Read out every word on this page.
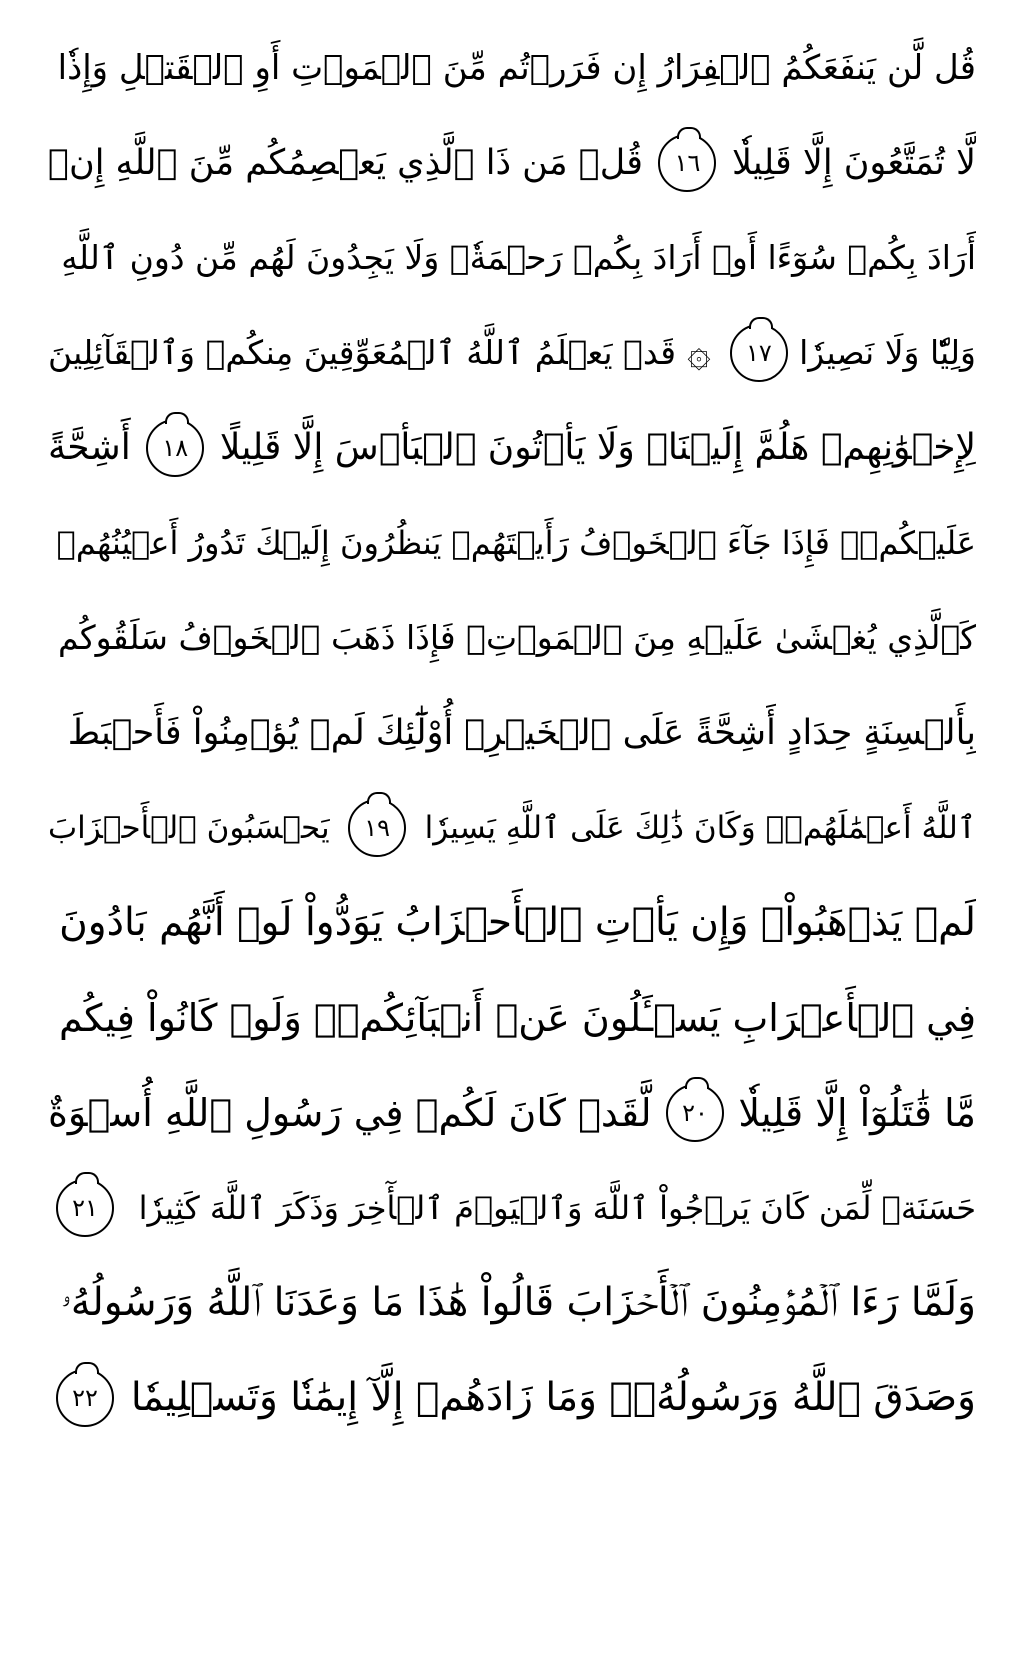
قُل لَّن يَنفَعَكُمُ ٱلۡفِرَارُ إِن فَرَرۡتُم مِّنَ ٱلۡمَوۡتِ أَوِ ٱلۡقَتۡلِ وَإِذٗا
لَّا تُمَتَّعُونَ إِلَّا قَلِيلٗا
١٦
قُلۡ مَن ذَا ٱلَّذِي يَعۡصِمُكُم مِّنَ ٱللَّهِ إِنۡ
أَرَادَ بِكُمۡ سُوٓءًا أَوۡ أَرَادَ بِكُمۡ رَحۡمَةٗۚ وَلَا يَجِدُونَ لَهُم مِّن دُونِ ٱللَّهِ
وَلِيّٗا وَلَا نَصِيرٗا
١٧
۞
قَدۡ يَعۡلَمُ ٱللَّهُ ٱلۡمُعَوِّقِينَ مِنكُمۡ وَٱلۡقَآئِلِينَ
لِإِخۡوَٰنِهِمۡ هَلُمَّ إِلَيۡنَاۖ وَلَا يَأۡتُونَ ٱلۡبَأۡسَ إِلَّا قَلِيلًا
١٨
أَشِحَّةً
عَلَيۡكُمۡۖ فَإِذَا جَآءَ ٱلۡخَوۡفُ رَأَيۡتَهُمۡ يَنظُرُونَ إِلَيۡكَ تَدُورُ أَعۡيُنُهُمۡ
كَٱلَّذِي يُغۡشَىٰ عَلَيۡهِ مِنَ ٱلۡمَوۡتِۖ فَإِذَا ذَهَبَ ٱلۡخَوۡفُ سَلَقُوكُم
بِأَلۡسِنَةٍ حِدَادٍ أَشِحَّةً عَلَى ٱلۡخَيۡرِۚ أُوْلَٰٓئِكَ لَمۡ يُؤۡمِنُواْ فَأَحۡبَطَ
ٱللَّهُ أَعۡمَٰلَهُمۡۚ وَكَانَ ذَٰلِكَ عَلَى ٱللَّهِ يَسِيرٗا
١٩
يَحۡسَبُونَ ٱلۡأَحۡزَابَ
لَمۡ يَذۡهَبُواْۖ وَإِن يَأۡتِ ٱلۡأَحۡزَابُ يَوَدُّواْ لَوۡ أَنَّهُم بَادُونَ
فِي ٱلۡأَعۡرَابِ يَسۡـَٔلُونَ عَنۡ أَنۢبَآئِكُمۡۖ وَلَوۡ كَانُواْ فِيكُم
مَّا قَٰتَلُوٓاْ إِلَّا قَلِيلٗا
٢٠
لَّقَدۡ كَانَ لَكُمۡ فِي رَسُولِ ٱللَّهِ أُسۡوَةٌ
حَسَنَةٞ لِّمَن كَانَ يَرۡجُواْ ٱللَّهَ وَٱلۡيَوۡمَ ٱلۡأٓخِرَ وَذَكَرَ ٱللَّهَ كَثِيرٗا
٢١
وَلَمَّا رَءَا ٱلۡمُؤۡمِنُونَ ٱلۡأَحۡزَابَ قَالُواْ هَٰذَا مَا وَعَدَنَا ٱللَّهُ وَرَسُولُهُۥ
وَصَدَقَ ٱللَّهُ وَرَسُولُهُۥۚ وَمَا زَادَهُمۡ إِلَّآ إِيمَٰنٗا وَتَسۡلِيمٗا
٢٢
